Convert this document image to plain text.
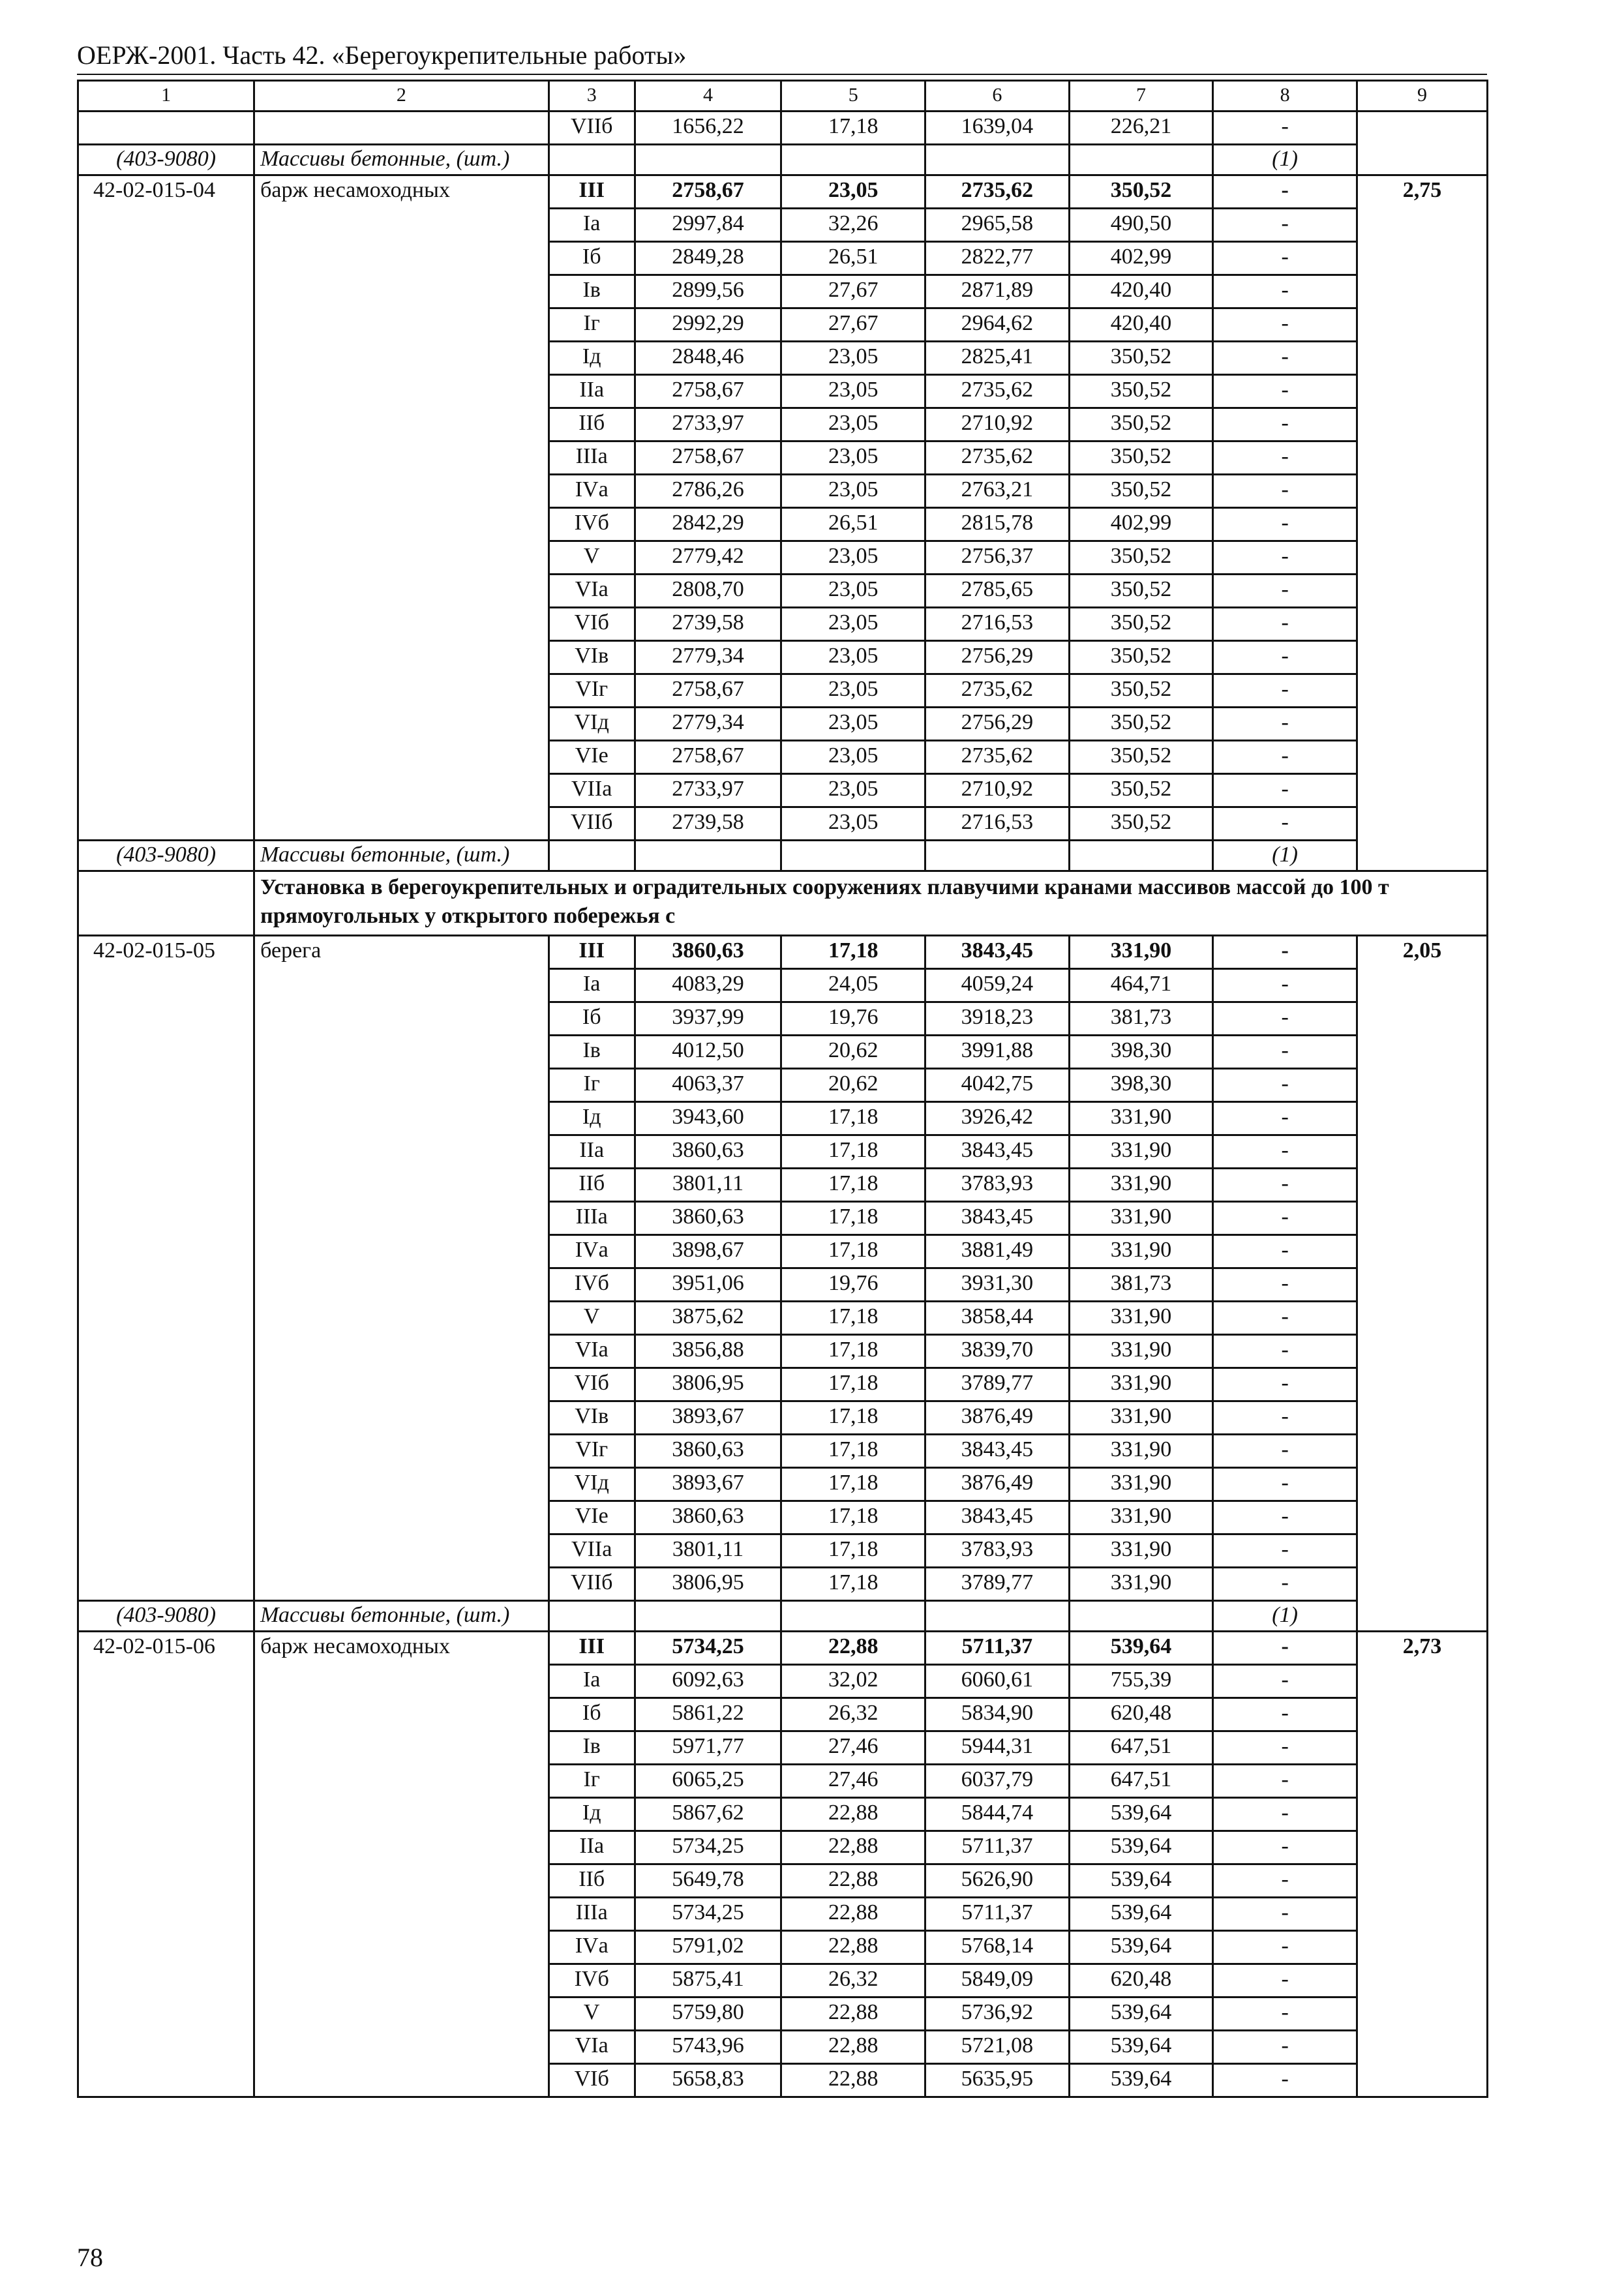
ОЕРЖ-2001. Часть 42. «Берегоукрепительные работы»
1	2	3	4	5	6	7	8	9
		VIIб	1656,22	17,18	1639,04	226,21	-	
(403-9080)	Массивы бетонные, (шт.)						(1)	
42-02-015-04	барж несамоходных	III	2758,67	23,05	2735,62	350,52	-	2,75
		Iа	2997,84	32,26	2965,58	490,50	-	
		Iб	2849,28	26,51	2822,77	402,99	-	
		Iв	2899,56	27,67	2871,89	420,40	-	
		Iг	2992,29	27,67	2964,62	420,40	-	
		Iд	2848,46	23,05	2825,41	350,52	-	
		IIа	2758,67	23,05	2735,62	350,52	-	
		IIб	2733,97	23,05	2710,92	350,52	-	
		IIIа	2758,67	23,05	2735,62	350,52	-	
		IVа	2786,26	23,05	2763,21	350,52	-	
		IVб	2842,29	26,51	2815,78	402,99	-	
		V	2779,42	23,05	2756,37	350,52	-	
		VIа	2808,70	23,05	2785,65	350,52	-	
		VIб	2739,58	23,05	2716,53	350,52	-	
		VIв	2779,34	23,05	2756,29	350,52	-	
		VIг	2758,67	23,05	2735,62	350,52	-	
		VIд	2779,34	23,05	2756,29	350,52	-	
		VIе	2758,67	23,05	2735,62	350,52	-	
		VIIа	2733,97	23,05	2710,92	350,52	-	
		VIIб	2739,58	23,05	2716,53	350,52	-	
(403-9080)	Массивы бетонные, (шт.)						(1)	
	Установка в берегоукрепительных и оградительных сооружениях плавучими кранами массивов массой до 100 т прямоугольных у открытого побережья с							
42-02-015-05	берега	III	3860,63	17,18	3843,45	331,90	-	2,05
		Iа	4083,29	24,05	4059,24	464,71	-	
		Iб	3937,99	19,76	3918,23	381,73	-	
		Iв	4012,50	20,62	3991,88	398,30	-	
		Iг	4063,37	20,62	4042,75	398,30	-	
		Iд	3943,60	17,18	3926,42	331,90	-	
		IIа	3860,63	17,18	3843,45	331,90	-	
		IIб	3801,11	17,18	3783,93	331,90	-	
		IIIа	3860,63	17,18	3843,45	331,90	-	
		IVа	3898,67	17,18	3881,49	331,90	-	
		IVб	3951,06	19,76	3931,30	381,73	-	
		V	3875,62	17,18	3858,44	331,90	-	
		VIа	3856,88	17,18	3839,70	331,90	-	
		VIб	3806,95	17,18	3789,77	331,90	-	
		VIв	3893,67	17,18	3876,49	331,90	-	
		VIг	3860,63	17,18	3843,45	331,90	-	
		VIд	3893,67	17,18	3876,49	331,90	-	
		VIе	3860,63	17,18	3843,45	331,90	-	
		VIIа	3801,11	17,18	3783,93	331,90	-	
		VIIб	3806,95	17,18	3789,77	331,90	-	
(403-9080)	Массивы бетонные, (шт.)						(1)	
42-02-015-06	барж несамоходных	III	5734,25	22,88	5711,37	539,64	-	2,73
		Iа	6092,63	32,02	6060,61	755,39	-	
		Iб	5861,22	26,32	5834,90	620,48	-	
		Iв	5971,77	27,46	5944,31	647,51	-	
		Iг	6065,25	27,46	6037,79	647,51	-	
		Iд	5867,62	22,88	5844,74	539,64	-	
		IIа	5734,25	22,88	5711,37	539,64	-	
		IIб	5649,78	22,88	5626,90	539,64	-	
		IIIа	5734,25	22,88	5711,37	539,64	-	
		IVа	5791,02	22,88	5768,14	539,64	-	
		IVб	5875,41	26,32	5849,09	620,48	-	
		V	5759,80	22,88	5736,92	539,64	-	
		VIа	5743,96	22,88	5721,08	539,64	-	
		VIб	5658,83	22,88	5635,95	539,64	-	
78
